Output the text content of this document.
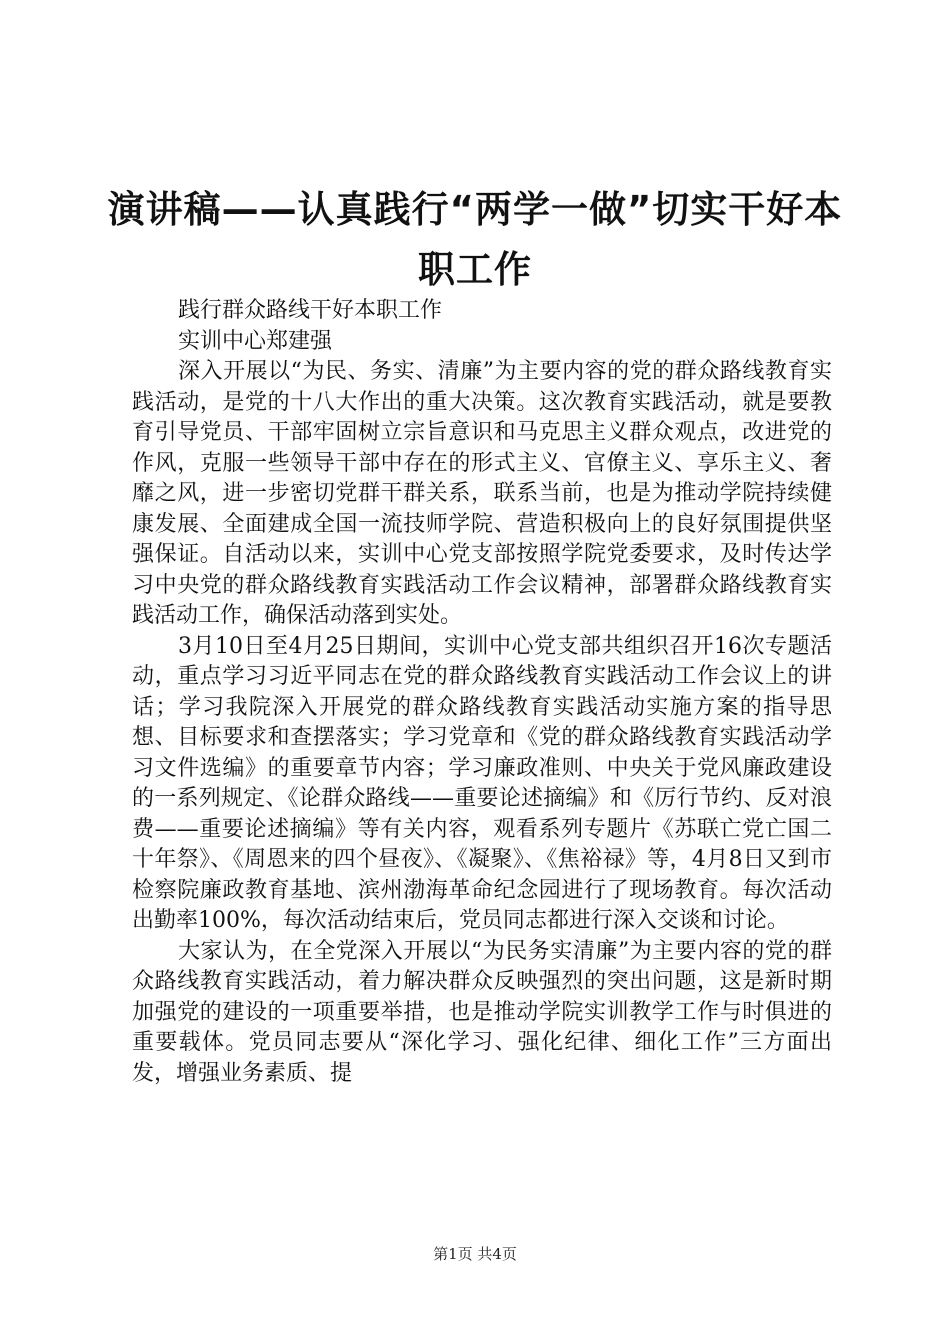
演讲稿——认真践行“两学一做”切实干好本
职工作

践行群众路线干好本职工作

实训中心郑建强

深入开展以“为民、务实、清廉”为主要内容的党的群众路线教育实践活动，是党的十八大作出的重大决策。这次教育实践活动，就是要教育引导党员、干部牢固树立宗旨意识和马克思主义群众观点，改进党的作风，克服一些领导干部中存在的形式主义、官僚主义、享乐主义、奢靡之风，进一步密切党群干群关系，联系当前，也是为推动学院持续健康发展、全面建成全国一流技师学院、营造积极向上的良好氛围提供坚强保证。自活动以来，实训中心党支部按照学院党委要求，及时传达学习中央党的群众路线教育实践活动工作会议精神，部署群众路线教育实践活动工作，确保活动落到实处。

3月10日至4月25日期间，实训中心党支部共组织召开16次专题活动，重点学习习近平同志在党的群众路线教育实践活动工作会议上的讲话；学习我院深入开展党的群众路线教育实践活动实施方案的指导思想、目标要求和查摆落实；学习党章和《党的群众路线教育实践活动学习文件选编》的重要章节内容；学习廉政准则、中央关于党风廉政建设的一系列规定、《论群众路线——重要论述摘编》和《厉行节约、反对浪费——重要论述摘编》等有关内容，观看系列专题片《苏联亡党亡国二十年祭》、《周恩来的四个昼夜》、《凝聚》、《焦裕禄》等，4月8日又到市检察院廉政教育基地、滨州渤海革命纪念园进行了现场教育。每次活动出勤率100%，每次活动结束后，党员同志都进行深入交谈和讨论。

大家认为，在全党深入开展以“为民务实清廉”为主要内容的党的群众路线教育实践活动，着力解决群众反映强烈的突出问题，这是新时期加强党的建设的一项重要举措，也是推动学院实训教学工作与时俱进的重要载体。党员同志要从“深化学习、强化纪律、细化工作”三方面出发，增强业务素质、提

第1页 共4页
